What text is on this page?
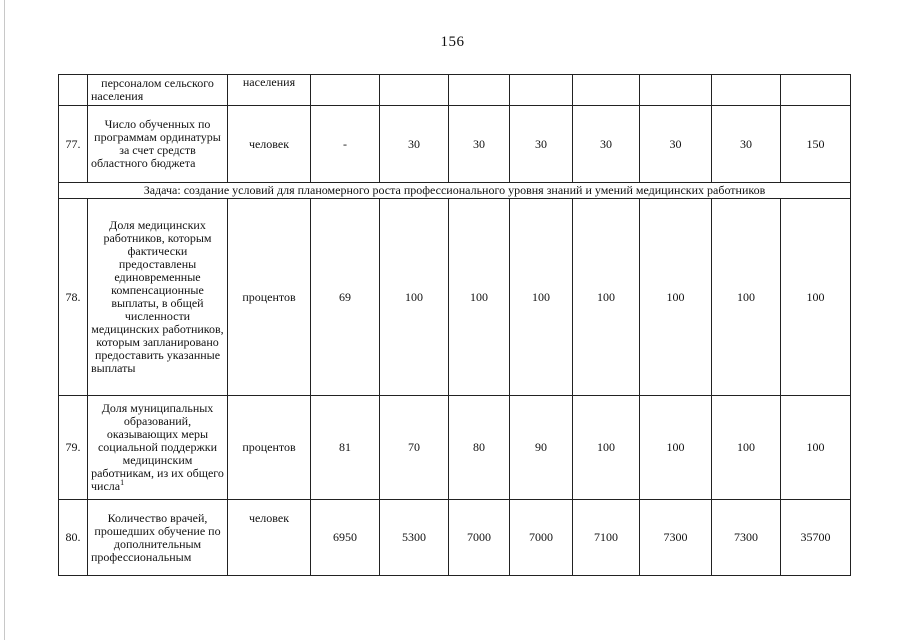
156
	персоналом сельского населения	населения								
77.	Число обученных по программам ординатуры за счет средств областного бюджета	человек	-	30	30	30	30	30	30	150
Задача: создание условий для планомерного роста профессионального уровня знаний и умений медицинских работников										
78.	Доля медицинских работников, которым фактически предоставлены единовременные компенсационные выплаты, в общей численности медицинских работников, которым запланировано предоставить указанные выплаты	процентов	69	100	100	100	100	100	100	100
79.	Доля муниципальных образований, оказывающих меры социальной поддержки медицинским работникам, из их общего числа$^1$	процентов	81	70	80	90	100	100	100	100
80.	Количество врачей, прошедших обучение по дополнительным профессиональным	человек	6950	5300	7000	7000	7100	7300	7300	35700
